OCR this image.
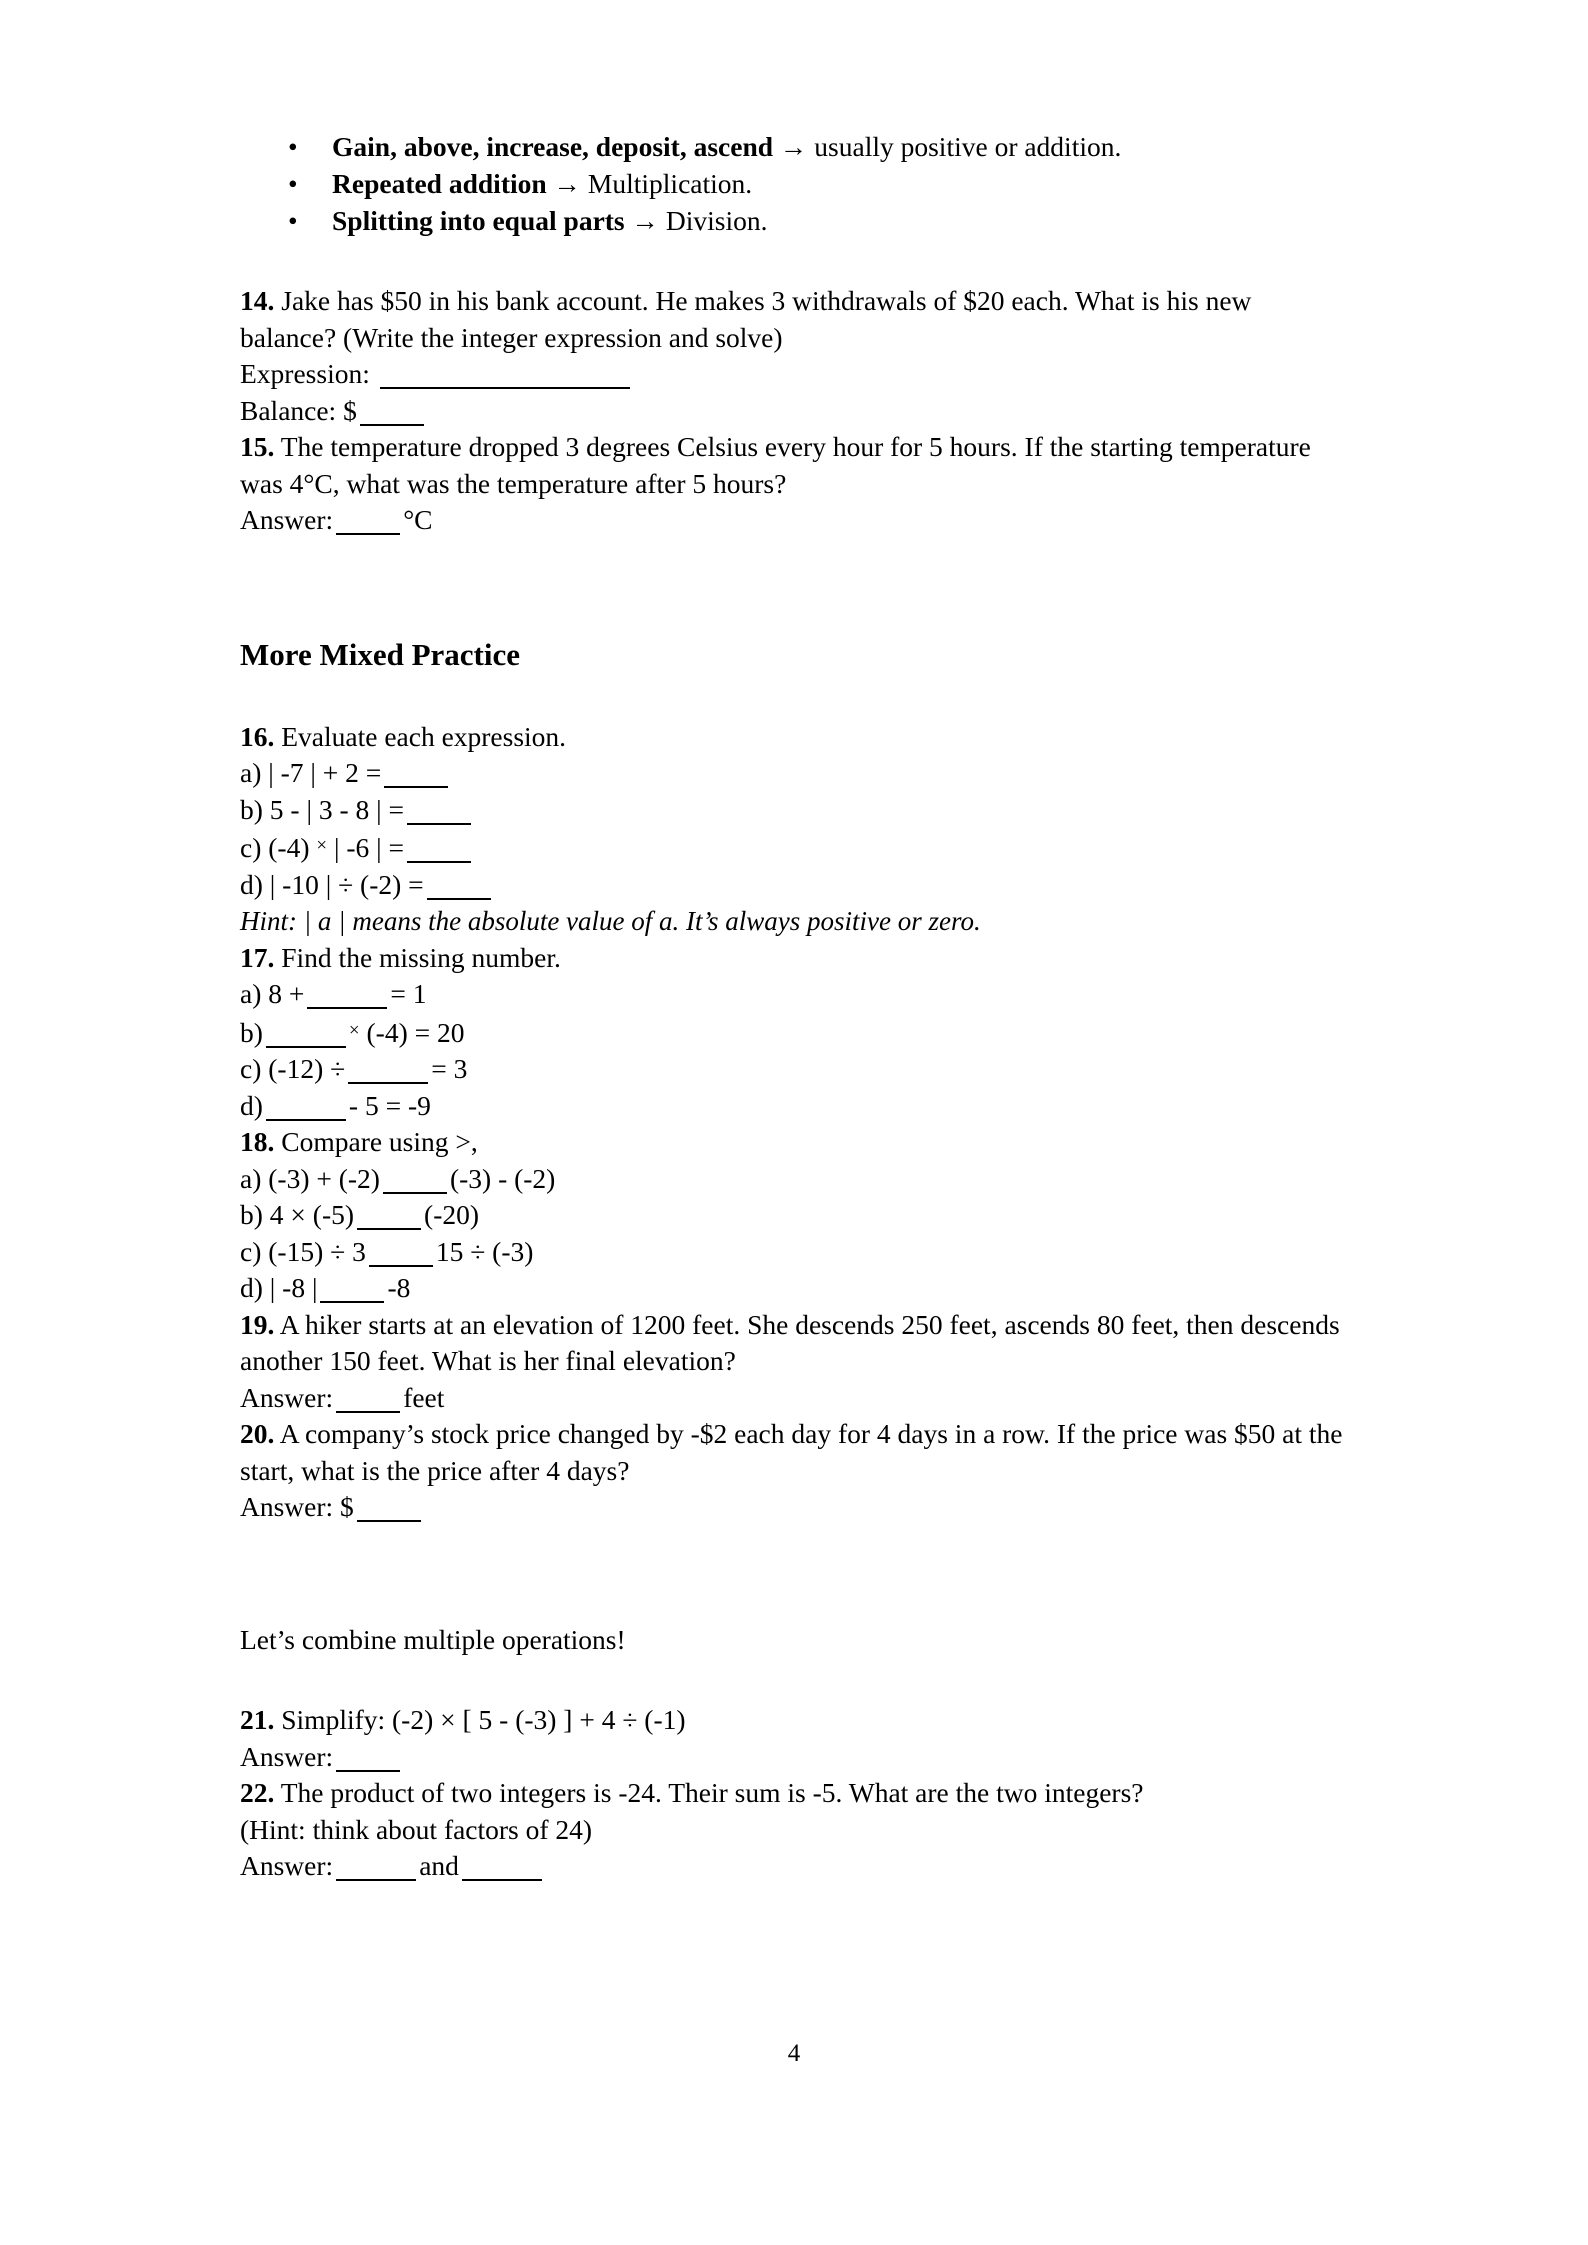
• Gain, above, increase, deposit, ascend → usually positive or addition.
• Repeated addition → Multiplication.
• Splitting into equal parts → Division.
14. Jake has $50 in his bank account. He makes 3 withdrawals of $20 each. What is his new balance? (Write the integer expression and solve)
Expression:
Balance: $
15. The temperature dropped 3 degrees Celsius every hour for 5 hours. If the starting temperature was 4°C, what was the temperature after 5 hours?
Answer:	°C
More Mixed Practice
16. Evaluate each expression.
a) | -7 | + 2 =
b) 5 - | 3 - 8 | =
c) (-4) × | -6 | =
d) | -10 | ÷ (-2) =
Hint: | a | means the absolute value of a. It’s always positive or zero.
17. Find the missing number.
a) 8 +	= 1
b)	× (-4) = 20
c) (-12) ÷	= 3
d)	- 5 = -9
18. Compare using >,
a) (-3) + (-2)	(-3) - (-2)
b) 4 × (-5)	(-20)
c) (-15) ÷ 3	15 ÷ (-3)
d) | -8 |	-8
19. A hiker starts at an elevation of 1200 feet. She descends 250 feet, ascends 80 feet, then descends another 150 feet. What is her final elevation?
Answer:	feet
20. A company’s stock price changed by -$2 each day for 4 days in a row. If the price was $50 at the start, what is the price after 4 days?
Answer: $
Let’s combine multiple operations!
21. Simplify: (-2) × [ 5 - (-3) ] + 4 ÷ (-1)
Answer:
22. The product of two integers is -24. Their sum is -5. What are the two integers?
(Hint: think about factors of 24)
Answer:	and
4
